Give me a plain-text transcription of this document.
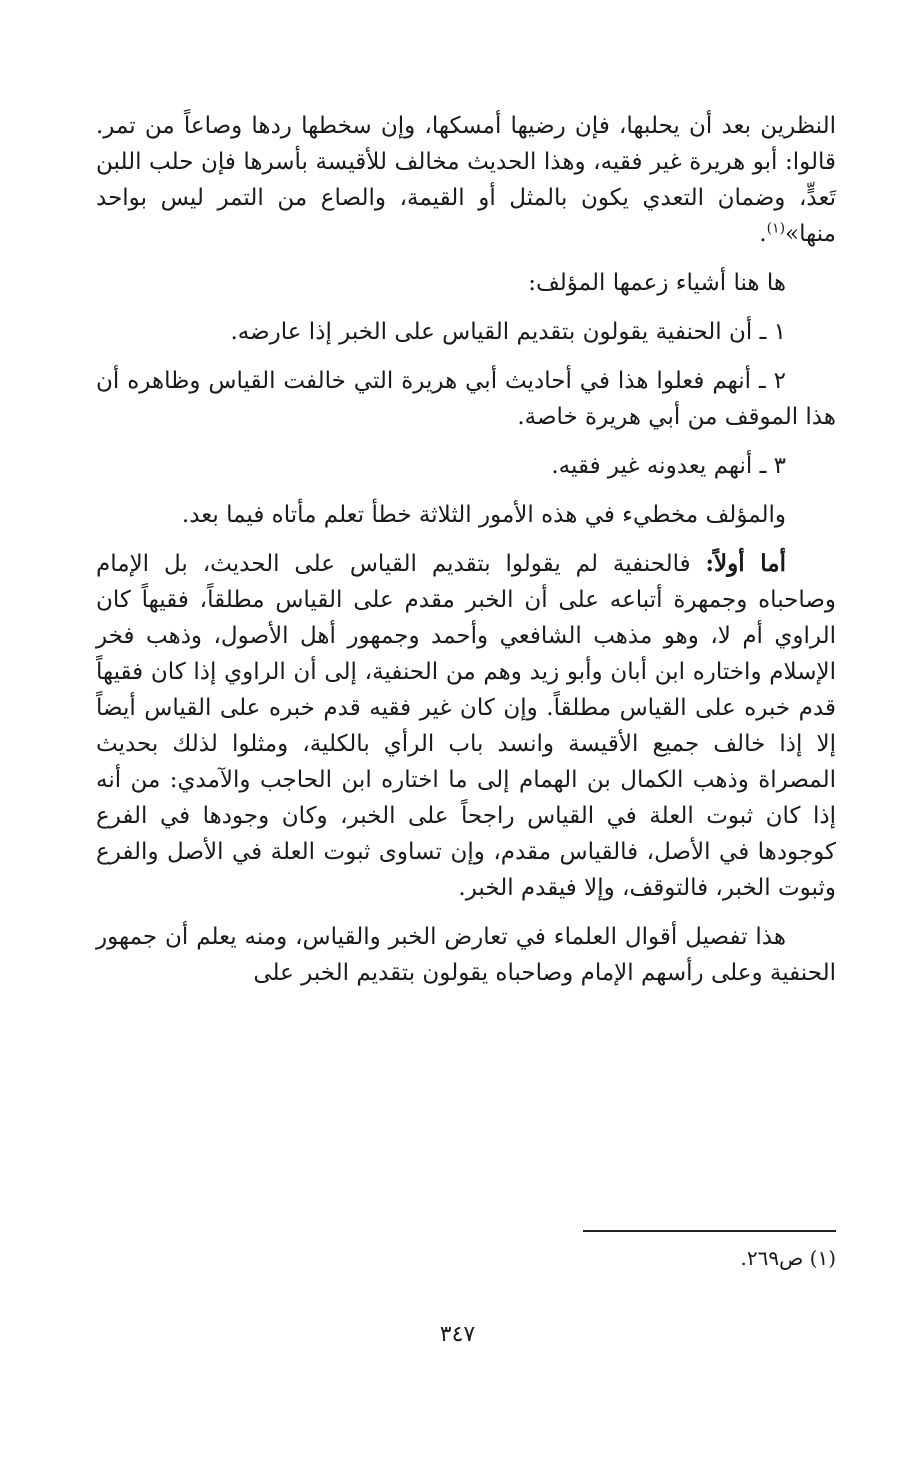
النظرين بعد أن يحلبها، فإن رضيها أمسكها، وإن سخطها ردها وصاعاً من تمر. قالوا: أبو هريرة غير فقيه، وهذا الحديث مخالف للأقيسة بأسرها فإن حلب اللبن تَعدٍّ، وضمان التعدي يكون بالمثل أو القيمة، والصاع من التمر ليس بواحد منها»$^{(١)}$.

ها هنا أشياء زعمها المؤلف:

١ ـ أن الحنفية يقولون بتقديم القياس على الخبر إذا عارضه.

٢ ـ أنهم فعلوا هذا في أحاديث أبي هريرة التي خالفت القياس وظاهره أن هذا الموقف من أبي هريرة خاصة.

٣ ـ أنهم يعدونه غير فقيه.

والمؤلف مخطيء في هذه الأمور الثلاثة خطأ تعلم مأتاه فيما بعد.

أما أولاً: فالحنفية لم يقولوا بتقديم القياس على الحديث، بل الإمام وصاحباه وجمهرة أتباعه على أن الخبر مقدم على القياس مطلقاً، فقيهاً كان الراوي أم لا، وهو مذهب الشافعي وأحمد وجمهور أهل الأصول، وذهب فخر الإسلام واختاره ابن أبان وأبو زيد وهم من الحنفية، إلى أن الراوي إذا كان فقيهاً قدم خبره على القياس مطلقاً. وإن كان غير فقيه قدم خبره على القياس أيضاً إلا إذا خالف جميع الأقيسة وانسد باب الرأي بالكلية، ومثلوا لذلك بحديث المصراة وذهب الكمال بن الهمام إلى ما اختاره ابن الحاجب والآمدي: من أنه إذا كان ثبوت العلة في القياس راجحاً على الخبر، وكان وجودها في الفرع كوجودها في الأصل، فالقياس مقدم، وإن تساوى ثبوت العلة في الأصل والفرع وثبوت الخبر، فالتوقف، وإلا فيقدم الخبر.

هذا تفصيل أقوال العلماء في تعارض الخبر والقياس، ومنه يعلم أن جمهور الحنفية وعلى رأسهم الإمام وصاحباه يقولون بتقديم الخبر على

(١) ص٢٦٩.
٣٤٧
